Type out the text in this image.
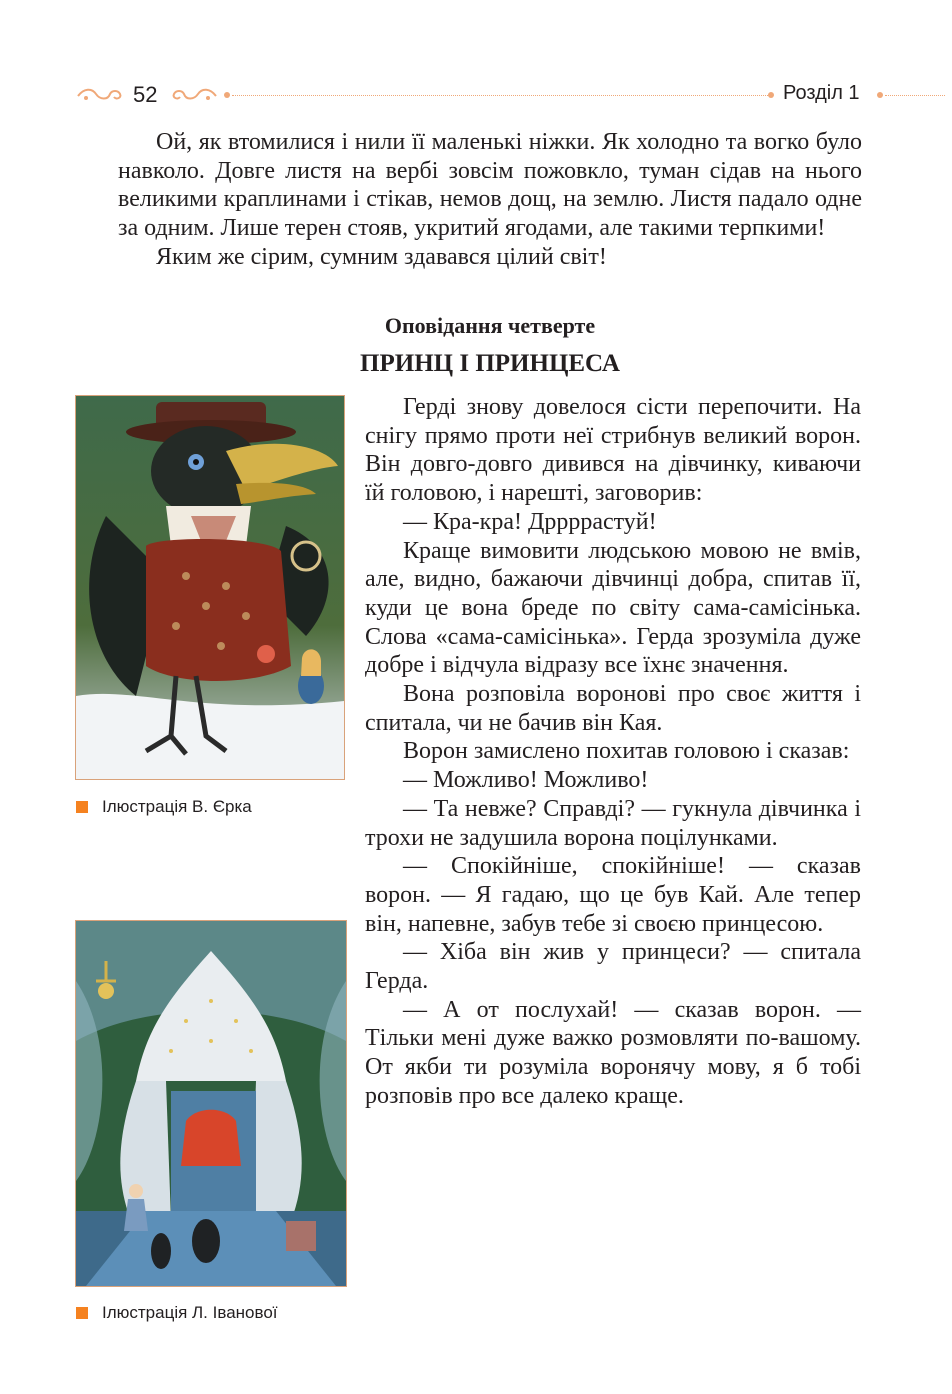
52	Розділ 1

Ой, як втомилися і нили її маленькі ніжки. Як холодно та вогко було навколо. Довге листя на вербі зовсім пожовкло, туман сідав на нього великими краплинами і стікав, немов дощ, на землю. Листя падало одне за одним. Лише терен стояв, укритий ягодами, але такими терпкими!

Яким же сірим, сумним здавався цілий світ!

Оповідання четверте
ПРИНЦ І ПРИНЦЕСА
Ілюстрація В. Єрка
Ілюстрація Л. Іванової

Герді знову довелося сісти перепочити. На снігу прямо проти неї стрибнув великий ворон. Він довго-довго дивився на дівчинку, киваючи їй головою, і нарешті, заговорив:

— Кра-кра! Дррррастуй!

Краще вимовити людською мовою не вмів, але, видно, бажаючи дівчинці добра, спитав її, куди це вона бреде по світу сама-самісінька. Слова «сама-самісінька». Герда зрозуміла дуже добре і відчула відразу все їхнє значення.

Вона розповіла воронові про своє життя і спитала, чи не бачив він Кая.

Ворон замислено похитав головою і сказав:

— Можливо! Можливо!

— Та невже? Справді? — гукнула дівчинка і трохи не задушила ворона поцілунками.

— Спокійніше, спокійніше! — сказав ворон. — Я гадаю, що це був Кай. Але тепер він, напевне, забув тебе зі своєю принцесою.

— Хіба він жив у принцеси? — спитала Герда.

— А от послухай! — сказав ворон. — Тільки мені дуже важко розмовляти по-вашому. От якби ти розуміла воронячу мову, я б тобі розповів про все далеко краще.
